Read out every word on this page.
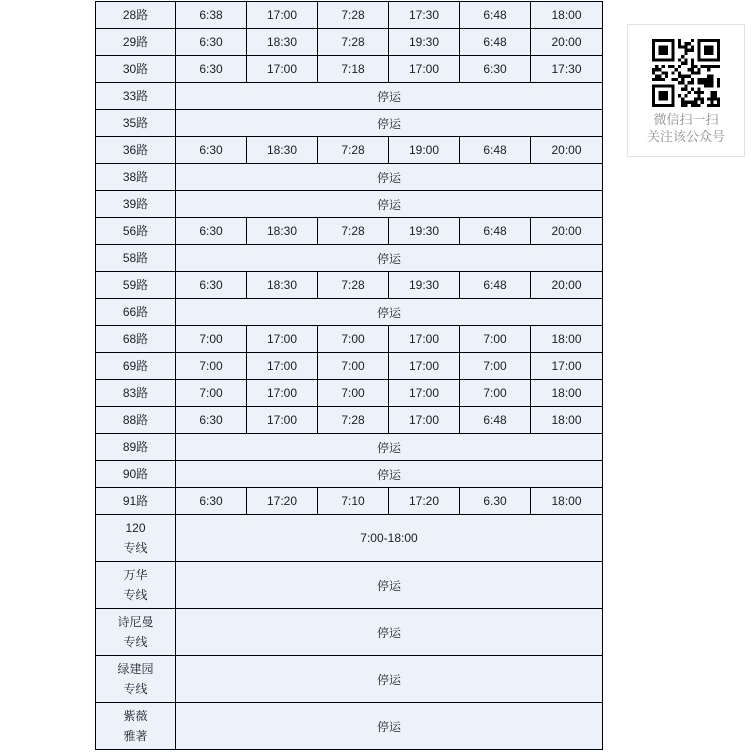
28路	6:38	17:00	7:28	17:30	6:48	18:00

29路	6:30	18:30	7:28	19:30	6:48	20:00

30路	6:30	17:00	7:18	17:00	6:30	17:30

33路	停运					

35路	停运					

36路	6:30	18:30	7:28	19:00	6:48	20:00

38路	停运					

39路	停运					

56路	6:30	18:30	7:28	19:30	6:48	20:00

58路	停运					

59路	6:30	18:30	7:28	19:30	6:48	20:00

66路	停运					

68路	7:00	17:00	7:00	17:00	7:00	18:00

69路	7:00	17:00	7:00	17:00	7:00	17:00

83路	7:00	17:00	7:00	17:00	7:00	18:00

88路	6:30	17:00	7:28	17:00	6:48	18:00

89路	停运					

90路	停运					

91路	6:30	17:20	7:10	17:20	6.30	18:00

120
专线	7:00-18:00					

万华
专线	停运					

诗尼曼
专线	停运					

绿建园
专线	停运					

紫薇
雅著	停运					
微信扫一扫
关注该公众号
